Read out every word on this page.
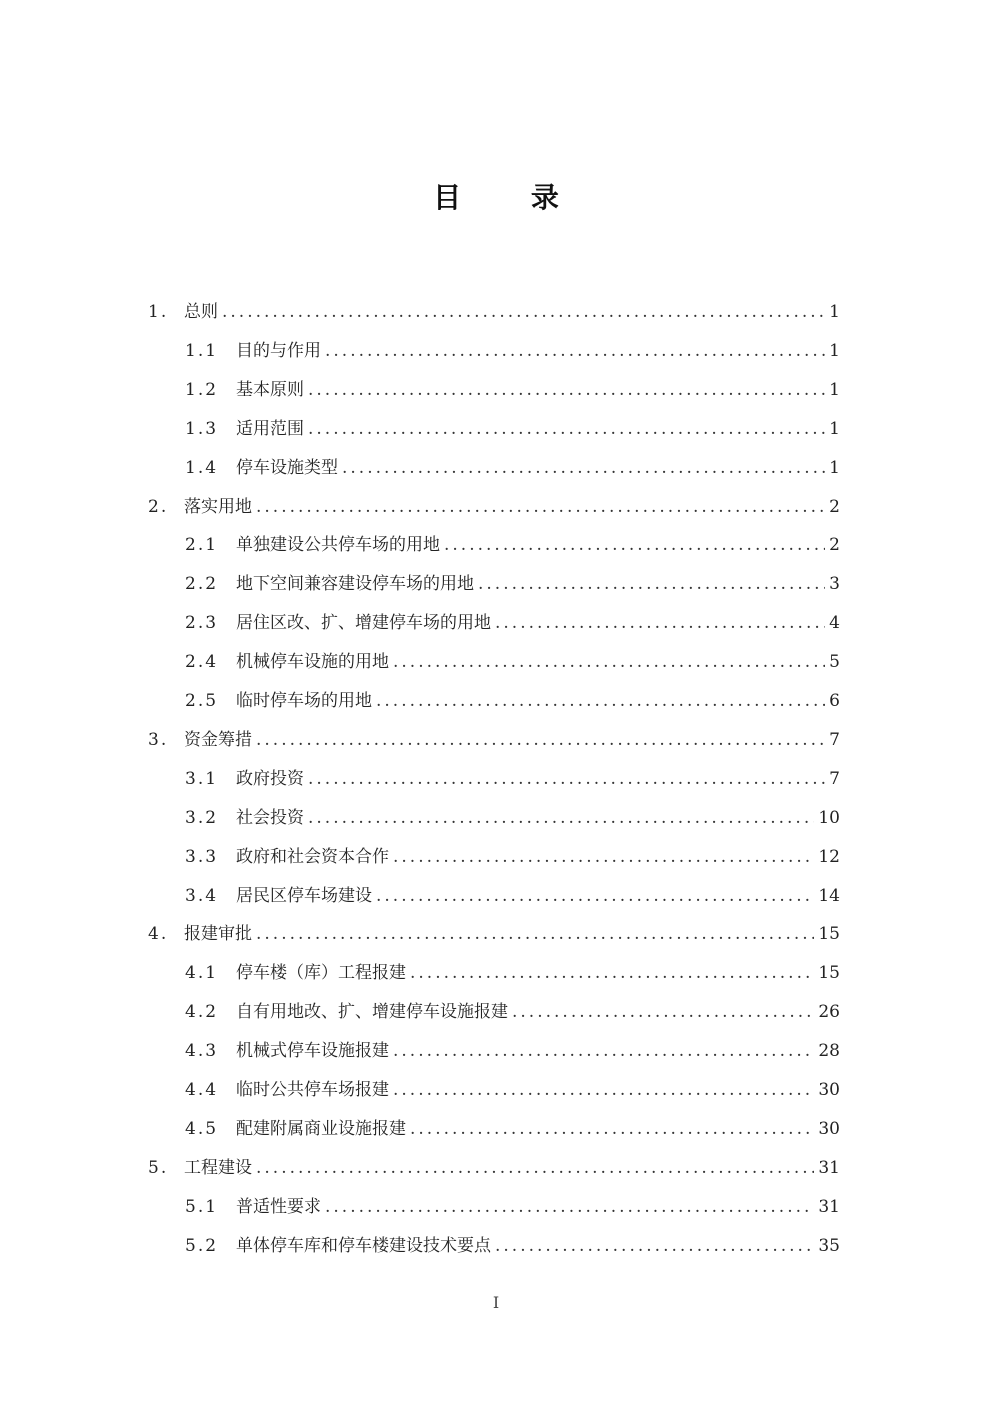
目 录
1. 总则 .....	1
1.1	目的与作用 .....	1
1.2	基本原则 .....	1
1.3	适用范围 .....	1
1.4	停车设施类型 .....	1
2. 落实用地 .....	2
2.1	单独建设公共停车场的用地 .....	2
2.2	地下空间兼容建设停车场的用地 .....	3
2.3	居住区改、扩、增建停车场的用地 .....	4
2.4	机械停车设施的用地 .....	5
2.5	临时停车场的用地 .....	6
3. 资金筹措 .....	7
3.1	政府投资 .....	7
3.2	社会投资 .....	10
3.3	政府和社会资本合作 .....	12
3.4	居民区停车场建设 .....	14
4. 报建审批 .....	15
4.1	停车楼（库）工程报建 .....	15
4.2	自有用地改、扩、增建停车设施报建 .....	26
4.3	机械式停车设施报建 .....	28
4.4	临时公共停车场报建 .....	30
4.5	配建附属商业设施报建 .....	30
5. 工程建设 .....	31
5.1	普适性要求 .....	31
5.2	单体停车库和停车楼建设技术要点 .....	35
I
